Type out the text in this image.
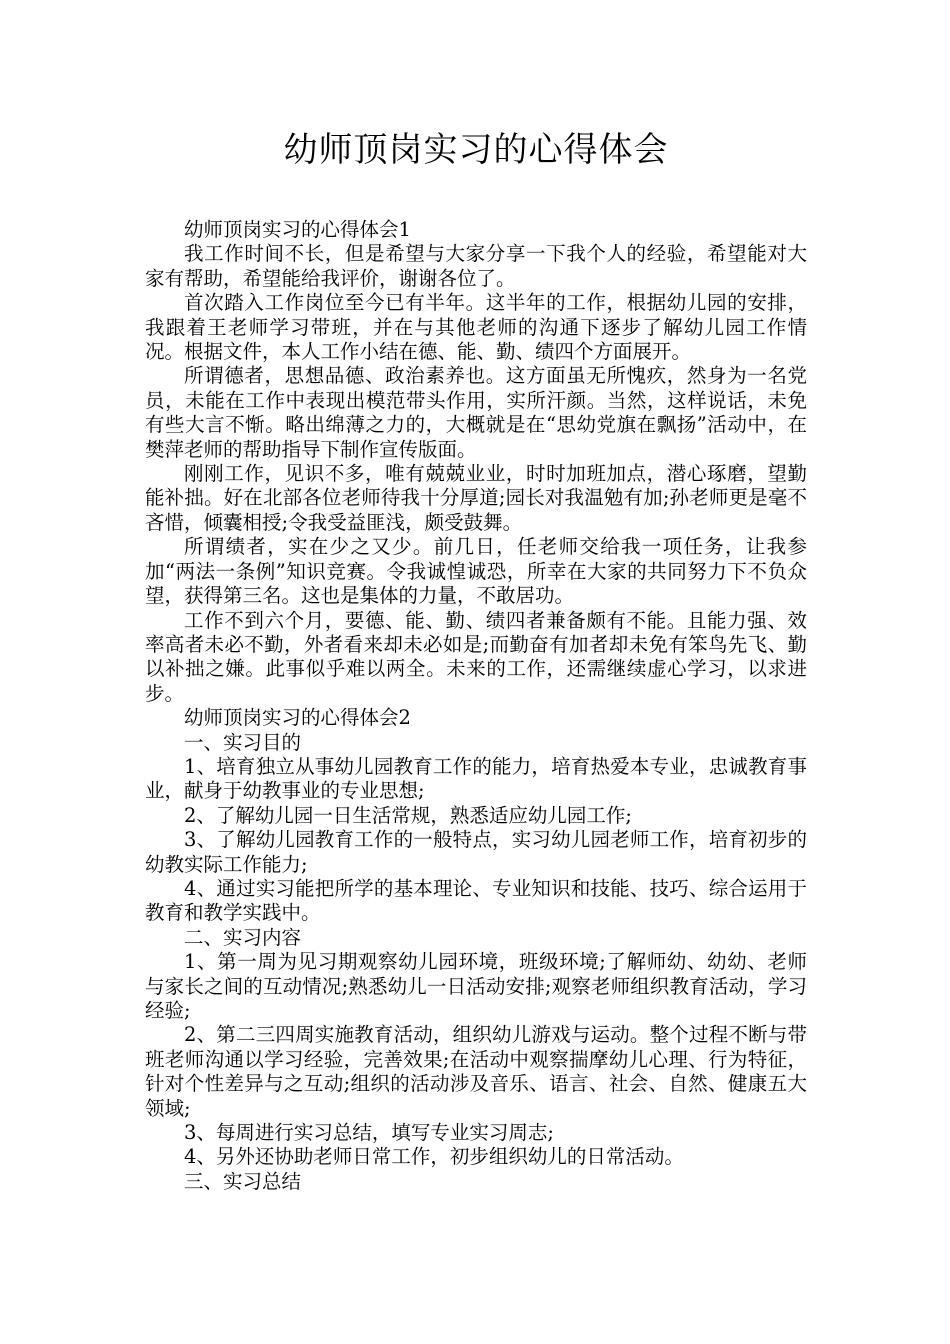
幼师顶岗实习的心得体会

幼师顶岗实习的心得体会1

我工作时间不长，但是希望与大家分享一下我个人的经验，希望能对大家有帮助，希望能给我评价，谢谢各位了。

首次踏入工作岗位至今已有半年。这半年的工作，根据幼儿园的安排，我跟着王老师学习带班，并在与其他老师的沟通下逐步了解幼儿园工作情况。根据文件，本人工作小结在德、能、勤、绩四个方面展开。

所谓德者，思想品德、政治素养也。这方面虽无所愧疚，然身为一名党员，未能在工作中表现出模范带头作用，实所汗颜。当然，这样说话，未免有些大言不惭。略出绵薄之力的，大概就是在“思幼党旗在飘扬”活动中，在樊萍老师的帮助指导下制作宣传版面。

刚刚工作，见识不多，唯有兢兢业业，时时加班加点，潜心琢磨，望勤能补拙。好在北部各位老师待我十分厚道;园长对我温勉有加;孙老师更是毫不吝惜，倾囊相授;令我受益匪浅，颇受鼓舞。

所谓绩者，实在少之又少。前几日，任老师交给我一项任务，让我参加“两法一条例”知识竞赛。令我诚惶诚恐，所幸在大家的共同努力下不负众望，获得第三名。这也是集体的力量，不敢居功。

工作不到六个月，要德、能、勤、绩四者兼备颇有不能。且能力强、效率高者未必不勤，外者看来却未必如是;而勤奋有加者却未免有笨鸟先飞、勤以补拙之嫌。此事似乎难以两全。未来的工作，还需继续虚心学习，以求进步。

幼师顶岗实习的心得体会2

一、实习目的

1、培育独立从事幼儿园教育工作的能力，培育热爱本专业，忠诚教育事业，献身于幼教事业的专业思想;

2、了解幼儿园一日生活常规，熟悉适应幼儿园工作;

3、了解幼儿园教育工作的一般特点，实习幼儿园老师工作，培育初步的幼教实际工作能力;

4、通过实习能把所学的基本理论、专业知识和技能、技巧、综合运用于教育和教学实践中。

二、实习内容

1、第一周为见习期观察幼儿园环境，班级环境;了解师幼、幼幼、老师与家长之间的互动情况;熟悉幼儿一日活动安排;观察老师组织教育活动，学习经验;

2、第二三四周实施教育活动，组织幼儿游戏与运动。整个过程不断与带班老师沟通以学习经验，完善效果;在活动中观察揣摩幼儿心理、行为特征，针对个性差异与之互动;组织的活动涉及音乐、语言、社会、自然、健康五大领域;

3、每周进行实习总结，填写专业实习周志;

4、另外还协助老师日常工作，初步组织幼儿的日常活动。

三、实习总结
